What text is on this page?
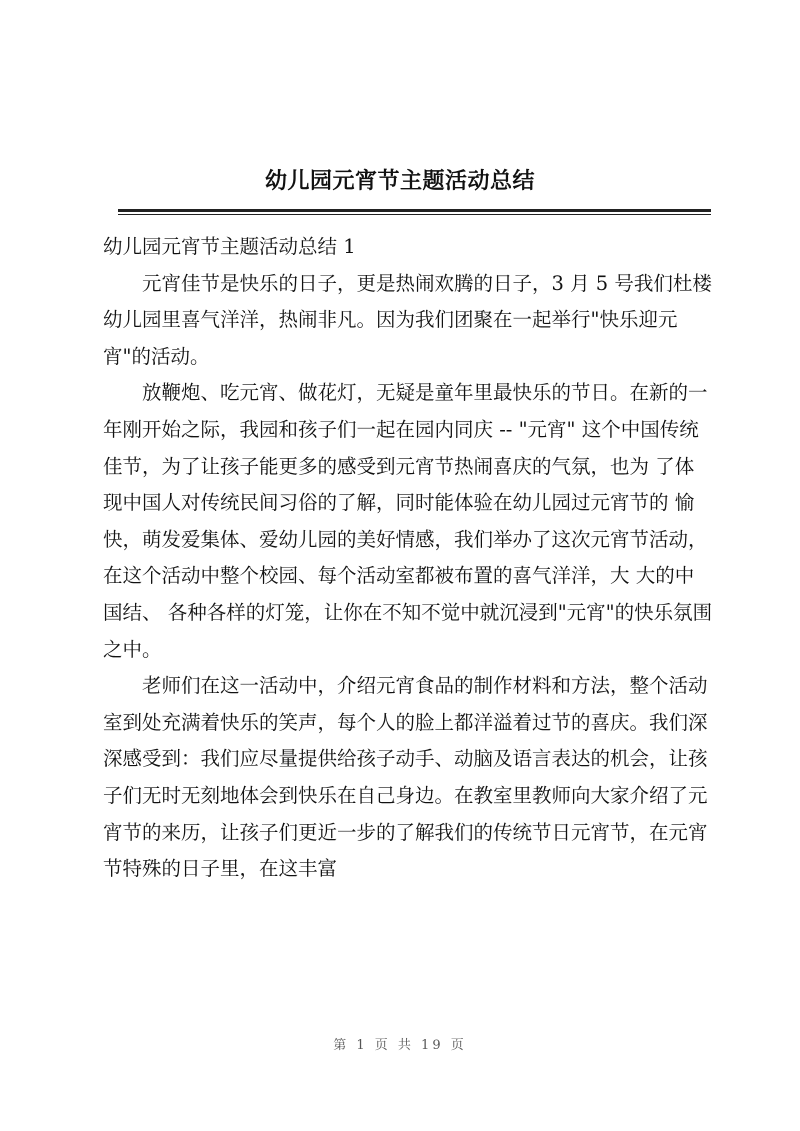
幼儿园元宵节主题活动总结

幼儿园元宵节主题活动总结 1

元宵佳节是快乐的日子，更是热闹欢腾的日子，3 月 5 号我们杜楼幼儿园里喜气洋洋，热闹非凡。因为我们团聚在一起举行"快乐迎元宵"的活动。

放鞭炮、吃元宵、做花灯，无疑是童年里最快乐的节日。在新的一年刚开始之际，我园和孩子们一起在园内同庆 -- "元宵" 这个中国传统佳节，为了让孩子能更多的感受到元宵节热闹喜庆的气氛，也为 了体现中国人对传统民间习俗的了解，同时能体验在幼儿园过元宵节的 愉快，萌发爱集体、爱幼儿园的美好情感，我们举办了这次元宵节活动，在这个活动中整个校园、每个活动室都被布置的喜气洋洋，大 大的中国结、 各种各样的灯笼，让你在不知不觉中就沉浸到"元宵"的快乐氛围之中。

老师们在这一活动中，介绍元宵食品的制作材料和方法，整个活动室到处充满着快乐的笑声，每个人的脸上都洋溢着过节的喜庆。我们深深感受到：我们应尽量提供给孩子动手、动脑及语言表达的机会，让孩子们无时无刻地体会到快乐在自己身边。在教室里教师向大家介绍了元宵节的来历，让孩子们更近一步的了解我们的传统节日元宵节，在元宵节特殊的日子里，在这丰富

第 1 页 共 19 页
